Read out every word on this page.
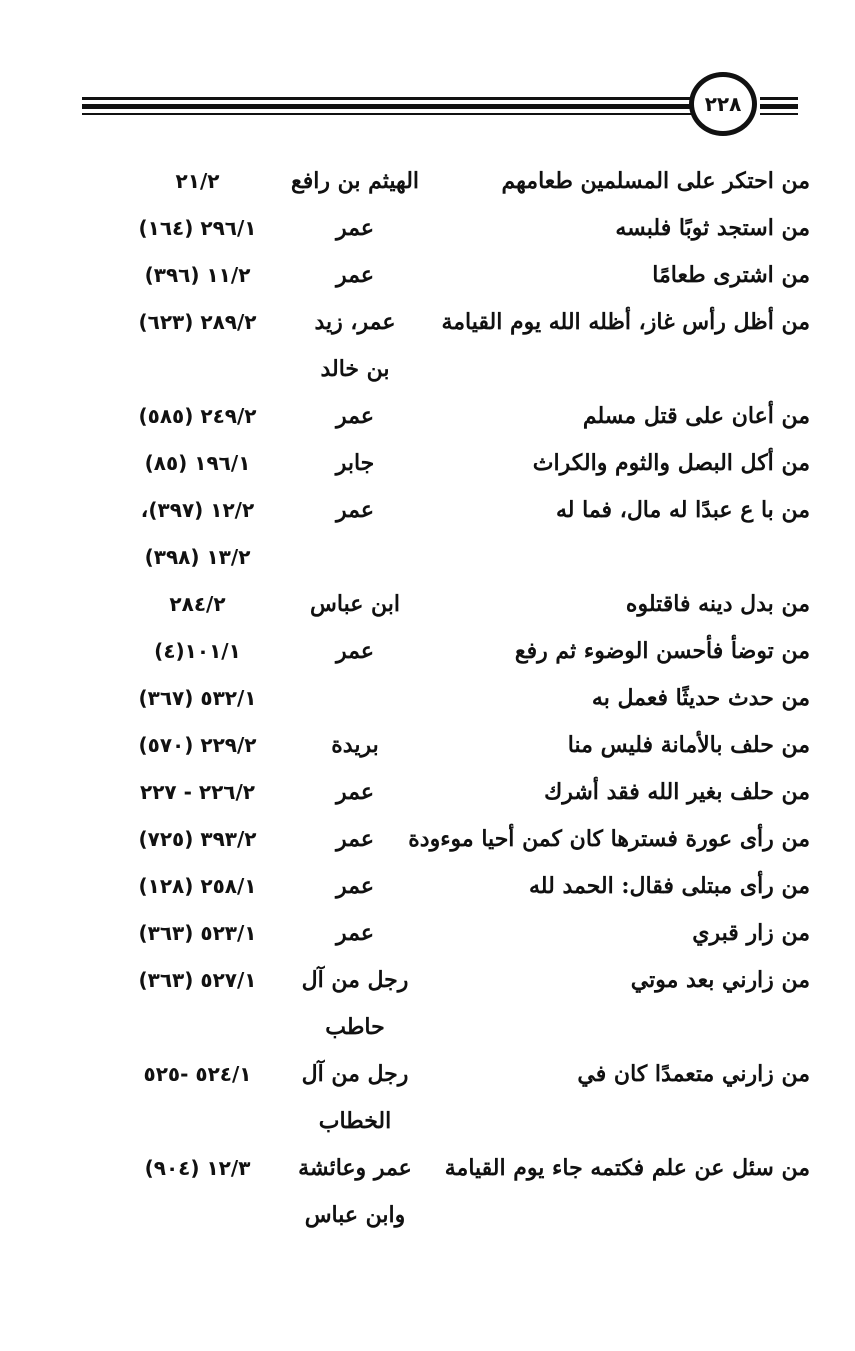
٢٢٨
من احتكر على المسلمين طعامهم
الهيثم بن رافع
٢١/٢
من استجد ثوبًا فلبسه
عمر
٢٩٦/١ (١٦٤)
من اشترى طعامًا
عمر
١١/٢ (٣٩٦)
من أظل رأس غاز، أظله الله يوم القيامة
عمر، زيد
بن خالد
٢٨٩/٢ (٦٢٣)
من أعان على قتل مسلم
عمر
٢٤٩/٢ (٥٨٥)
من أكل البصل والثوم والكراث
جابر
١٩٦/١ (٨٥)
من با ع عبدًا له مال، فما له
عمر
١٢/٢ (٣٩٧)،
١٣/٢ (٣٩٨)
من بدل دينه فاقتلوه
ابن عباس
٢٨٤/٢
من توضأ فأحسن الوضوء ثم رفع
عمر
١٠١/١(٤)
من حدث حديثًا فعمل به
٥٣٢/١ (٣٦٧)
من حلف بالأمانة فليس منا
بريدة
٢٢٩/٢ (٥٧٠)
من حلف بغير الله فقد أشرك
عمر
٢٢٦/٢ - ٢٢٧
من رأى عورة فسترها كان كمن أحيا موءودة
عمر
٣٩٣/٢ (٧٢٥)
من رأى مبتلى فقال: الحمد لله
عمر
٢٥٨/١ (١٢٨)
من زار قبري
عمر
٥٢٣/١ (٣٦٣)
من زارني بعد موتي
رجل من آل
حاطب
٥٢٧/١ (٣٦٣)
من زارني متعمدًا كان في
رجل من آل
الخطاب
٥٢٤/١ -٥٢٥
من سئل عن علم فكتمه جاء يوم القيامة
عمر وعائشة
وابن عباس
١٢/٣ (٩٠٤)
